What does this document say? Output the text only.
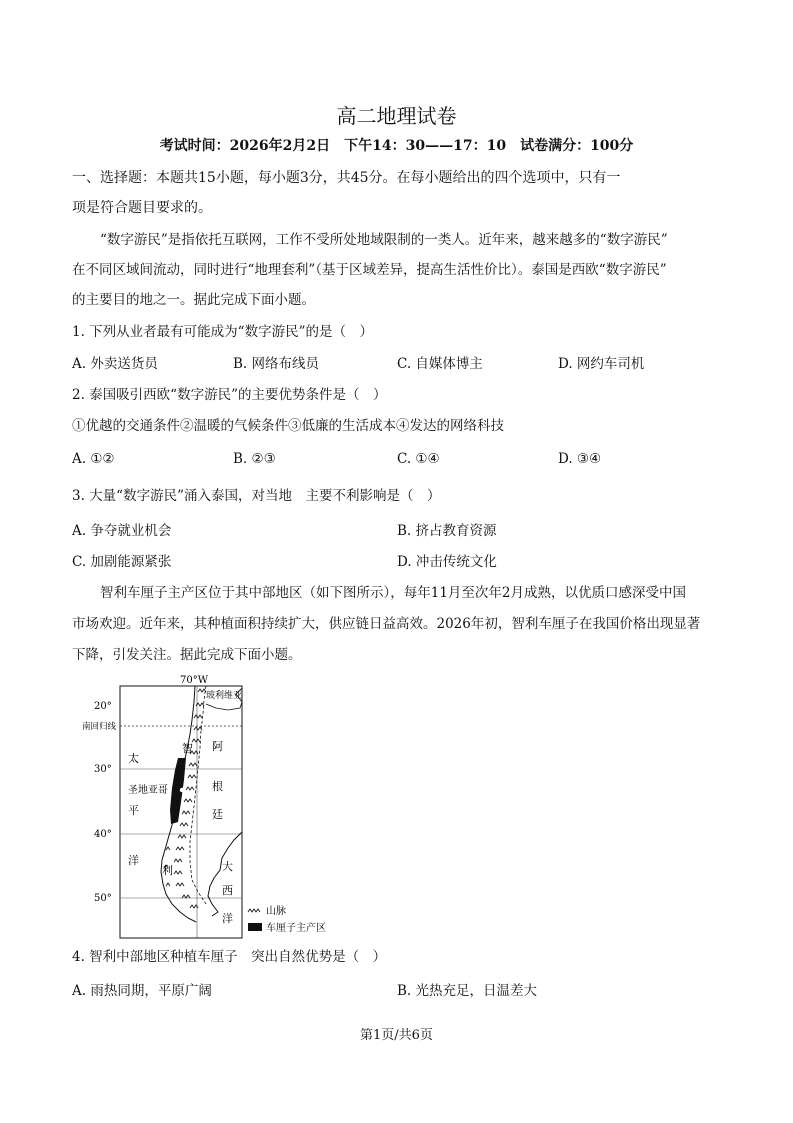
高二地理试卷
考试时间：2026年2月2日　下午14：30——17：10　试卷满分：100分
一、选择题：本题共15小题，每小题3分，共45分。在每小题给出的四个选项中，只有一
项是符合题目要求的。
“数字游民”是指依托互联网，工作不受所处地域限制的一类人。近年来，越来越多的“数字游民”
在不同区域间流动，同时进行“地理套利”（基于区域差异，提高生活性价比）。泰国是西欧“数字游民”
的主要目的地之一。据此完成下面小题。
1. 下列从业者最有可能成为“数字游民”的是（　）
A. 外卖送货员	B. 网络布线员	C. 自媒体博主	D. 网约车司机
2. 泰国吸引西欧“数字游民”的主要优势条件是（　）
①优越的交通条件②温暖的气候条件③低廉的生活成本④发达的网络科技
A. ①②	B. ②③	C. ①④	D. ③④
3. 大量“数字游民”涌入泰国，对当地　主要不利影响是（　）
A. 争夺就业机会	B. 挤占教育资源
C. 加剧能源紧张	D. 冲击传统文化
智利车厘子主产区位于其中部地区（如下图所示），每年11月至次年2月成熟，以优质口感深受中国
市场欢迎。近年来，其种植面积持续扩大，供应链日益高效。2026年初，智利车厘子在我国价格出现显著
下降，引发关注。据此完成下面小题。
70°W
20°
南回归线
30°
40°
50°
玻利维亚
智
利
太
平
洋
阿
根
廷
大
西
洋
圣地亚哥
山脉
车厘子主产区
4. 智利中部地区种植车厘子　突出自然优势是（　）
A. 雨热同期，平原广阔	B. 光热充足，日温差大
第1页/共6页
